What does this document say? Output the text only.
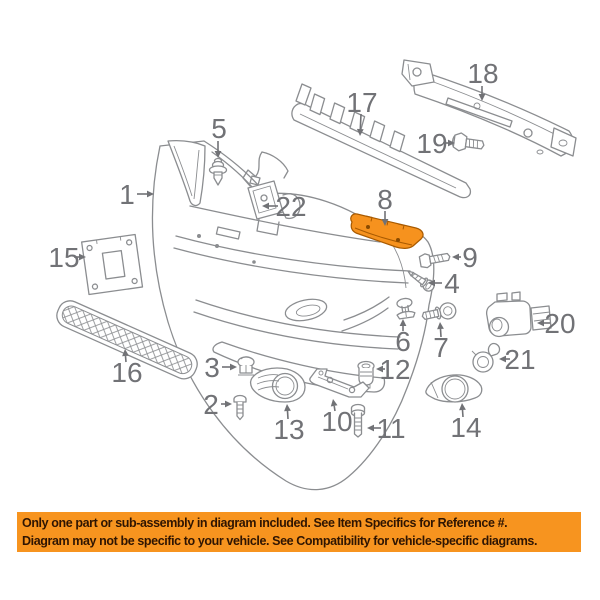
1
2
3
4
5
6 7
8
9
10 11
12
13	14
15
16
17
18
19
20
21
22
Only one part or sub-assembly in diagram included. See Item Specifics for Reference #.
Diagram may not be specific to your vehicle. See Compatibility for vehicle-specific diagrams.
